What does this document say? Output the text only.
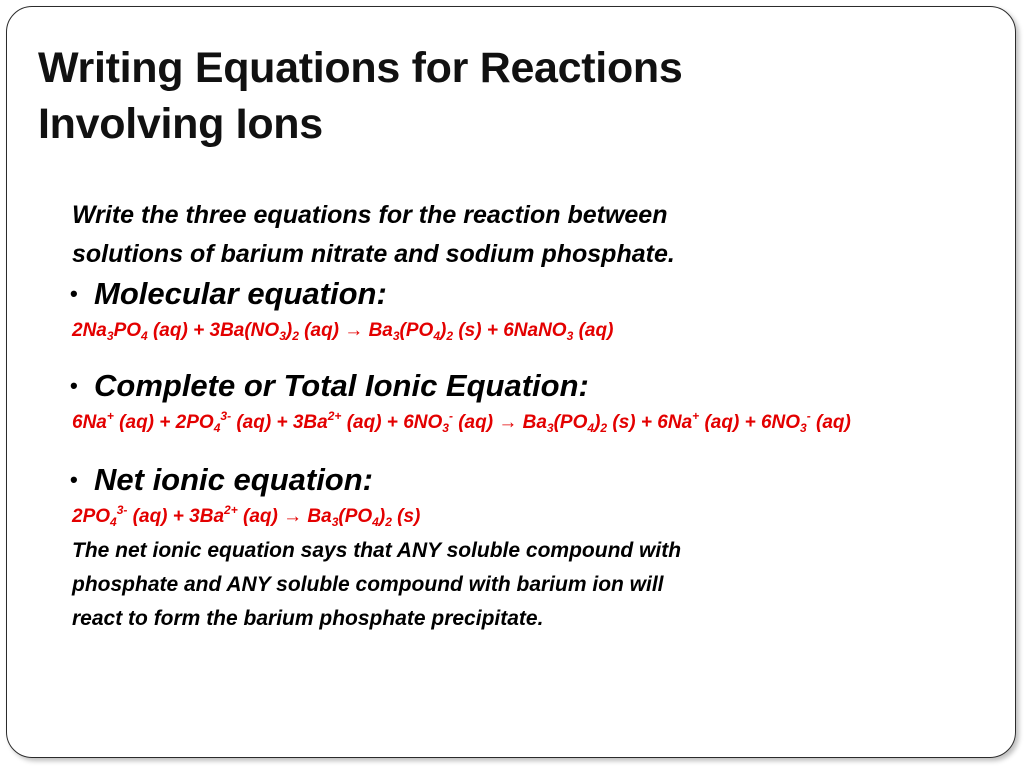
Writing Equations for Reactions
Involving Ions

Write the three equations for the reaction between
solutions of barium nitrate and sodium phosphate.

• Molecular equation:

$2Na_3PO_4$ $(aq) + 3Ba(NO_3)_2$ $(aq) \to Ba_3(PO_4)_2$ (s) + 6NaNO$_3$ (aq)

• Complete or Total Ionic Equation:

6Na+ $(aq) + 2PO_4^{3-}$ $(aq) + 3Ba^{2+}$ $(aq) + 6NO_3^-$ $(aq) \to Ba_3(PO_4)_2$ (s) + 6Na+ $(aq) + 6NO_3^-$ (aq)

• Net ionic equation:

$2PO_4^{3-}$ $(aq) + 3Ba^{2+}$ $(aq) \to Ba_3(PO_4)_2$ (s)

The net ionic equation says that ANY soluble compound with
phosphate and ANY soluble compound with barium ion will
react to form the barium phosphate precipitate.
